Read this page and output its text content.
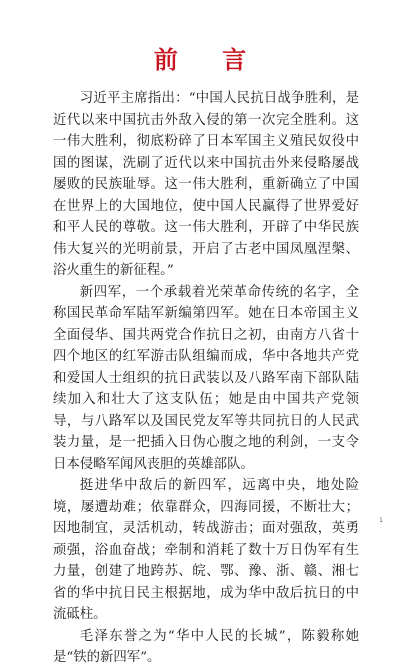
前 言

习近平主席指出：“中国人民抗日战争胜利，是近代以来中国抗击外敌入侵的第一次完全胜利。这一伟大胜利，彻底粉碎了日本军国主义殖民奴役中国的图谋，洗刷了近代以来中国抗击外来侵略屡战屡败的民族耻辱。这一伟大胜利，重新确立了中国在世界上的大国地位，使中国人民赢得了世界爱好和平人民的尊敬。这一伟大胜利，开辟了中华民族伟大复兴的光明前景，开启了古老中国凤凰涅槃、浴火重生的新征程。”

新四军，一个承载着光荣革命传统的名字，全称国民革命军陆军新编第四军。她在日本帝国主义全面侵华、国共两党合作抗日之初，由南方八省十四个地区的红军游击队组编而成，华中各地共产党和爱国人士组织的抗日武装以及八路军南下部队陆续加入和壮大了这支队伍；她是由中国共产党领导，与八路军以及国民党友军等共同抗日的人民武装力量，是一把插入日伪心腹之地的利剑，一支令日本侵略军闻风丧胆的英雄部队。

挺进华中敌后的新四军，远离中央，地处险境，屡遭劫难；依靠群众，四海同援，不断壮大；因地制宜，灵活机动，转战游击；面对强敌，英勇顽强，浴血奋战；牵制和消耗了数十万日伪军有生力量，创建了地跨苏、皖、鄂、豫、浙、赣、湘七省的华中抗日民主根据地，成为华中敌后抗日的中流砥柱。

毛泽东誉之为“华中人民的长城”，陈毅称她是“铁的新四军”。

1
